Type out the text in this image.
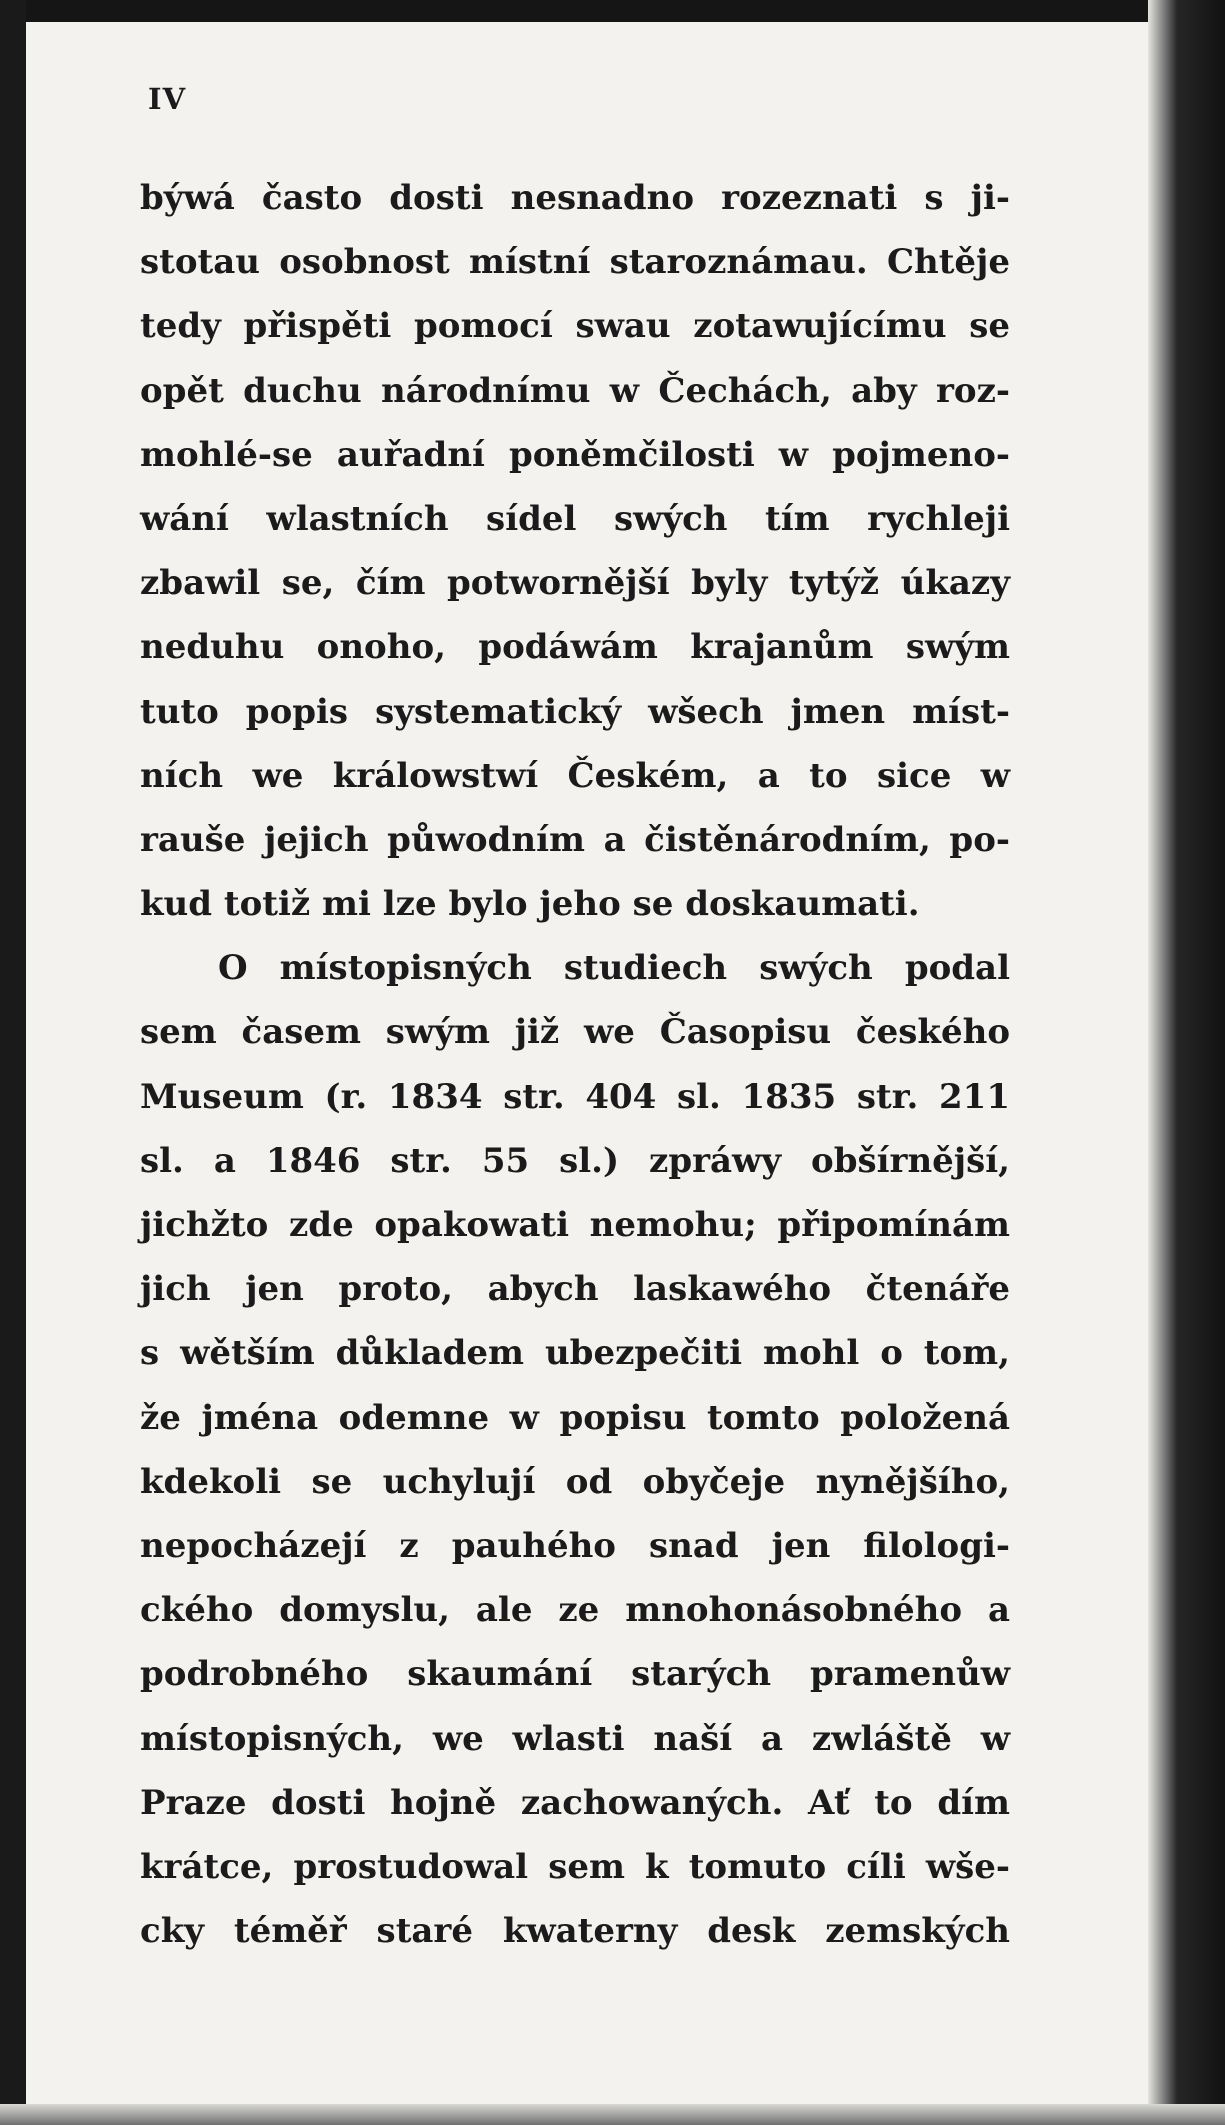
IV
býwá často dosti nesnadno rozeznati s ji-
stotau osobnost místní staroznámau. Chtěje
tedy přispěti pomocí swau zotawujícímu se
opět duchu národnímu w Čechách, aby roz-
mohlé-se auřadní poněmčilosti w pojmeno-
wání wlastních sídel swých tím rychleji
zbawil se, čím potwornější byly tytýž úkazy
neduhu onoho, podáwám krajanům swým
tuto popis systematický wšech jmen míst-
ních we králowstwí Českém, a to sice w
rauše jejich půwodním a čistěnárodním, po-
kud totiž mi lze bylo jeho se doskaumati.
O místopisných studiech swých podal
sem časem swým již we Časopisu českého
Museum (r. 1834 str. 404 sl. 1835 str. 211
sl. a 1846 str. 55 sl.) zpráwy obšírnější,
jichžto zde opakowati nemohu; připomínám
jich jen proto, abych laskawého čtenáře
s wětším důkladem ubezpečiti mohl o tom,
že jména odemne w popisu tomto položená
kdekoli se uchylují od obyčeje nynějšího,
nepocházejí z pauhého snad jen filologi-
ckého domyslu, ale ze mnohonásobného a
podrobného skaumání starých pramenůw
místopisných, we wlasti naší a zwláště w
Praze dosti hojně zachowaných. Ať to dím
krátce, prostudowal sem k tomuto cíli wše-
cky téměř staré kwaterny desk zemských
